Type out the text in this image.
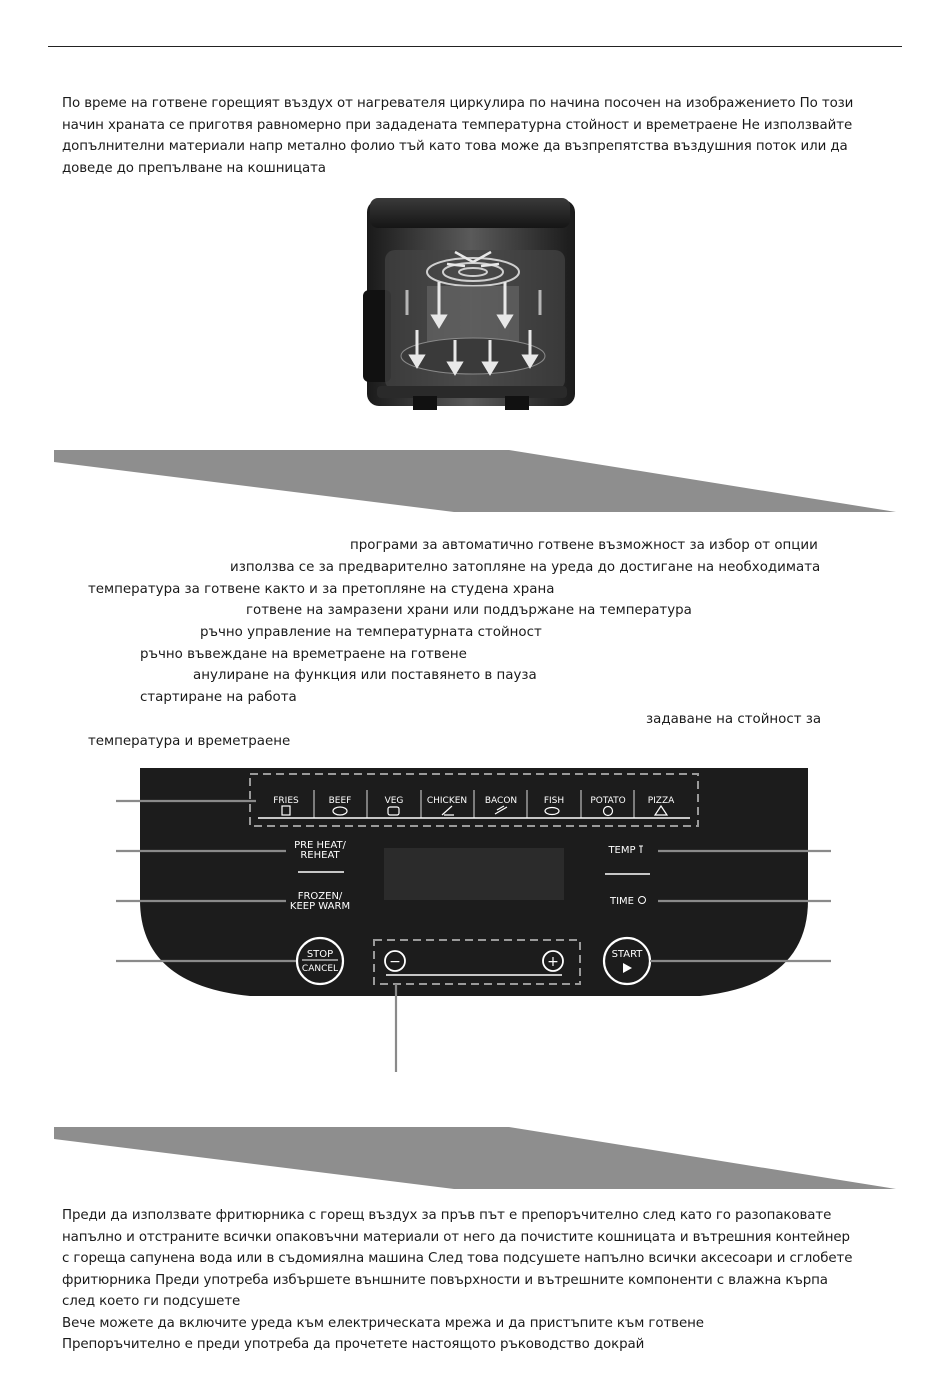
По време на готвене горещият въздух от нагревателя циркулира по начина посочен на изображението По този

начин храната се приготвя равномерно при зададената температурна стойност и времетраене Не използвайте

допълнителни материали напр метално фолио тъй като това може да възпрепятства въздушния поток или да

доведе до препълване на кошницата

програми за автоматично готвене възможност за избор от опции
използва се за предварително затопляне на уреда до достигане на необходимата
температура за готвене както и за претопляне на студена храна
готвене на замразени храни или поддържане на температура
ръчно управление на температурната стойност
ръчно въвеждане на времетраене на готвене
анулиране на функция или поставянето в пауза
стартиране на работа
задаване на стойност за
температура и времетраене
FRIES	BEEF	VEG	CHICKEN BACON	FISH	POTATO PIZZA
PRE HEAT/
REHEAT
FROZEN/
KEEP WARM
TEMP
TIME
STOP
CANCEL
START
−	+
SHARP

Преди да използвате фритюрника с горещ въздух за пръв път е препоръчително след като го разопаковате

напълно и отстраните всички опаковъчни материали от него да почистите кошницата и вътрешния контейнер

с гореща сапунена вода или в съдомиялна машина След това подсушете напълно всички аксесоари и сглобете

фритюрника Преди употреба избършете външните повърхности и вътрешните компоненти с влажна кърпа

след което ги подсушете

Вече можете да включите уреда към електрическата мрежа и да пристъпите към готвене

Препоръчително е преди употреба да прочетете настоящото ръководство докрай
